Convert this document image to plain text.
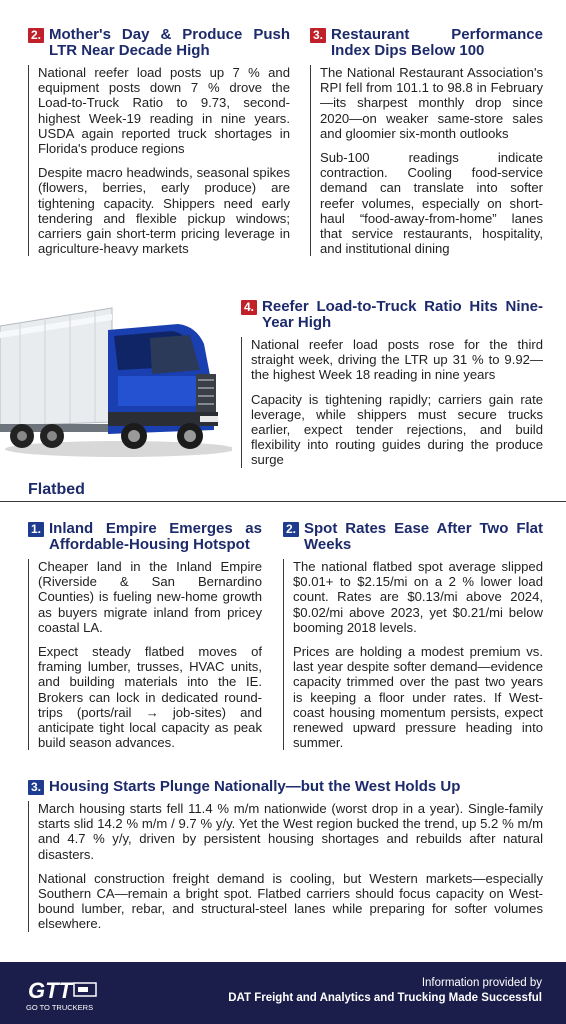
2. Mother's Day & Produce Push LTR Near Decade High

National reefer load posts up 7 % and equipment posts down 7 % drove the Load-to-Truck Ratio to 9.73, second-highest Week-19 reading in nine years. USDA again reported truck shortages in Florida's produce regions

Despite macro headwinds, seasonal spikes (flowers, berries, early produce) are tightening capacity. Shippers need early tendering and flexible pickup windows; carriers gain short-term pricing leverage in agriculture-heavy markets

3. Restaurant Performance Index Dips Below 100

The National Restaurant Association's RPI fell from 101.1 to 98.8 in February—its sharpest monthly drop since 2020—on weaker same-store sales and gloomier six-month outlooks

Sub-100 readings indicate contraction. Cooling food-service demand can translate into softer reefer volumes, especially on short-haul “food-away-from-home” lanes that service restaurants, hospitality, and institutional dining

4. Reefer Load-to-Truck Ratio Hits Nine-Year High

National reefer load posts rose for the third straight week, driving the LTR up 31 % to 9.92—the highest Week 18 reading in nine years

Capacity is tightening rapidly; carriers gain rate leverage, while shippers must secure trucks earlier, expect tender rejections, and build flexibility into routing guides during the produce surge

Flatbed
1. Inland Empire Emerges as Affordable-Housing Hotspot

Cheaper land in the Inland Empire (Riverside & San Bernardino Counties) is fueling new-home growth as buyers migrate inland from pricey coastal LA.

Expect steady flatbed moves of framing lumber, trusses, HVAC units, and building materials into the IE. Brokers can lock in dedicated round-trips (ports/rail → job-sites) and anticipate tight local capacity as peak build season advances.

2. Spot Rates Ease After Two Flat Weeks

The national flatbed spot average slipped $0.01+ to $2.15/mi on a 2 % lower load count. Rates are $0.13/mi above 2024, $0.02/mi above 2023, yet $0.21/mi below booming 2018 levels.

Prices are holding a modest premium vs. last year despite softer demand—evidence capacity trimmed over the past two years is keeping a floor under rates. If West-coast housing momentum persists, expect renewed upward pressure heading into summer.

3. Housing Starts Plunge Nationally—but the West Holds Up

March housing starts fell 11.4 % m/m nationwide (worst drop in a year). Single-family starts slid 14.2 % m/m / 9.7 % y/y. Yet the West region bucked the trend, up 5.2 % m/m and 4.7 % y/y, driven by persistent housing shortages and rebuilds after natural disasters.

National construction freight demand is cooling, but Western markets—especially Southern CA—remain a bright spot. Flatbed carriers should focus capacity on West-bound lumber, rebar, and structural-steel lanes while preparing for softer volumes elsewhere.

GTT
GO TO TRUCKERS
Information provided by
DAT Freight and Analytics and Trucking Made Successful
